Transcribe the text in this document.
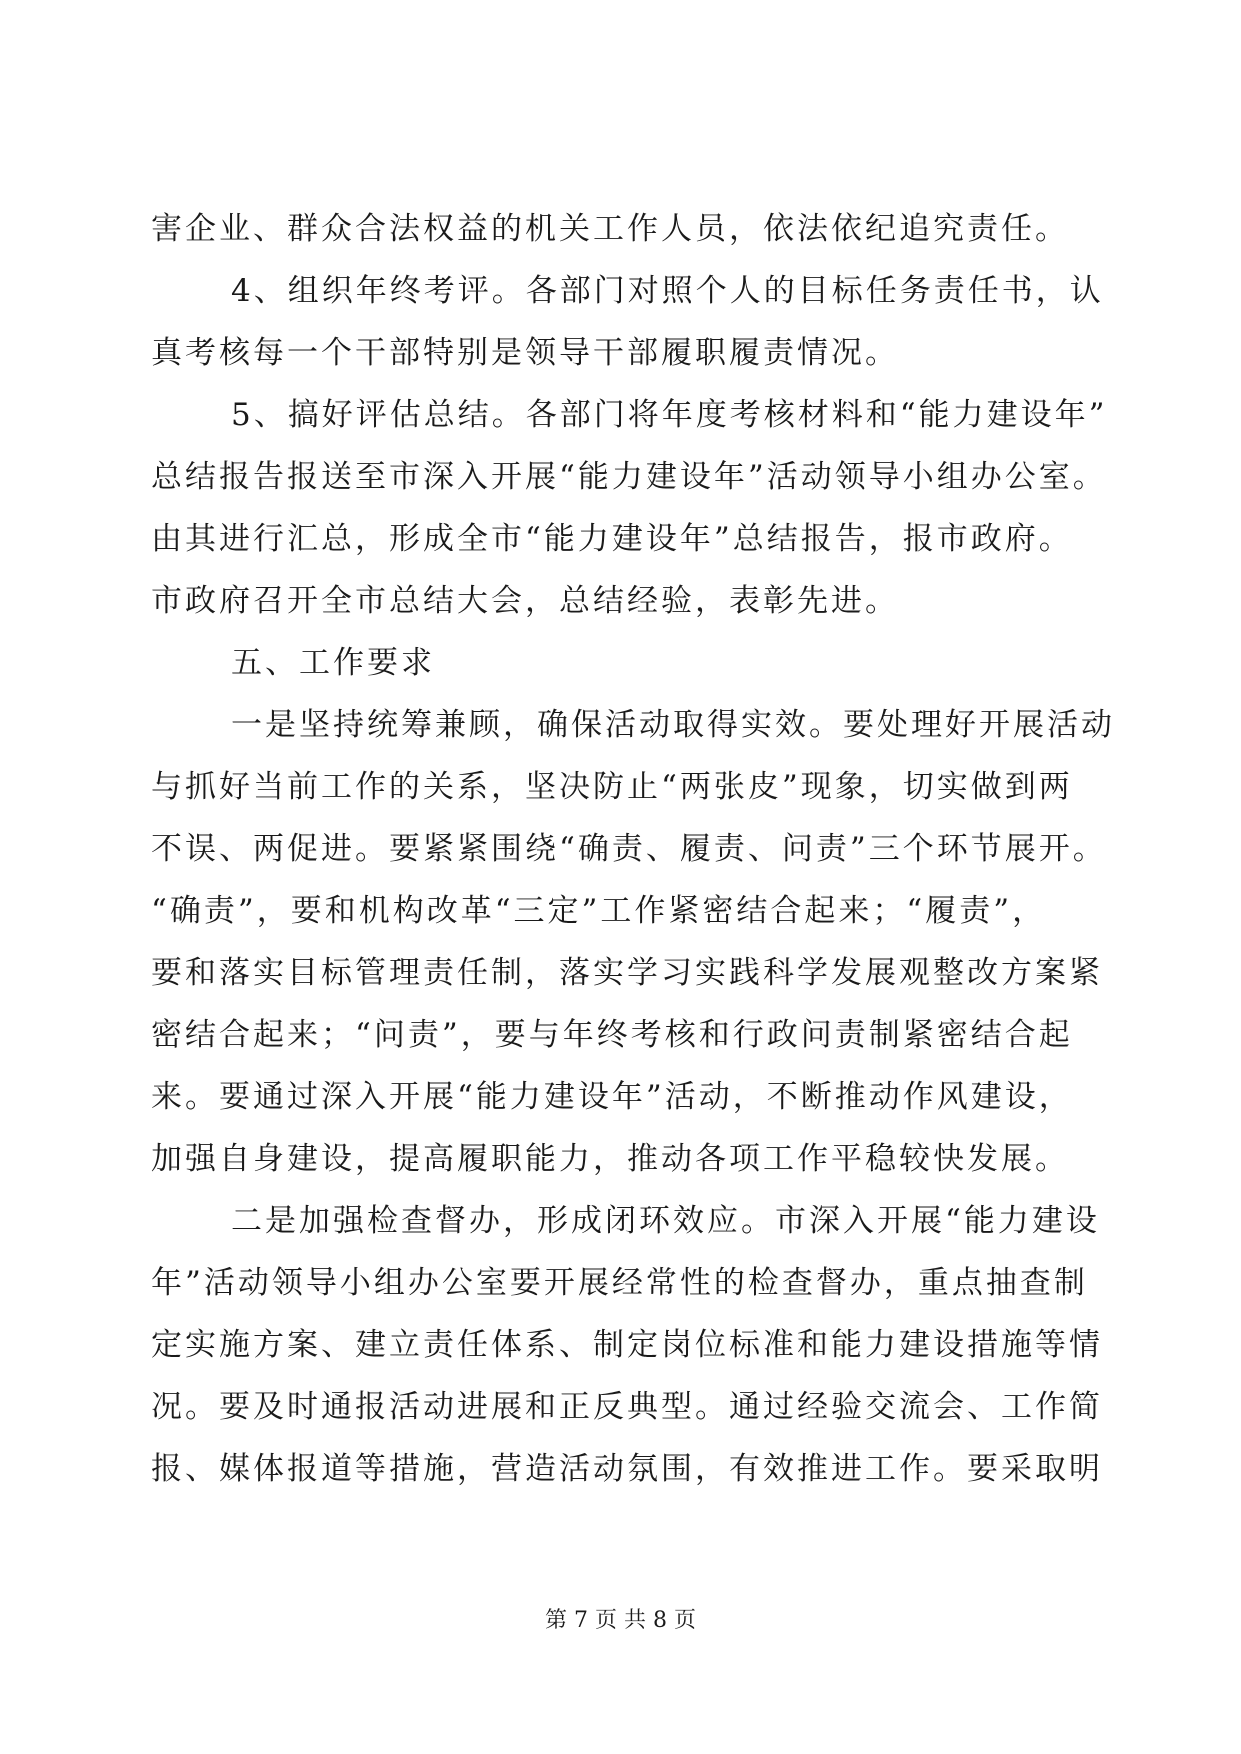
害企业、群众合法权益的机关工作人员，依法依纪追究责任。
4、组织年终考评。各部门对照个人的目标任务责任书，认
真考核每一个干部特别是领导干部履职履责情况。
5、搞好评估总结。各部门将年度考核材料和“能力建设年”
总结报告报送至市深入开展“能力建设年”活动领导小组办公室。
由其进行汇总，形成全市“能力建设年”总结报告，报市政府。
市政府召开全市总结大会，总结经验，表彰先进。
五、工作要求
一是坚持统筹兼顾，确保活动取得实效。要处理好开展活动
与抓好当前工作的关系，坚决防止“两张皮”现象，切实做到两
不误、两促进。要紧紧围绕“确责、履责、问责”三个环节展开。
“确责”，要和机构改革“三定”工作紧密结合起来；“履责”，
要和落实目标管理责任制，落实学习实践科学发展观整改方案紧
密结合起来；“问责”，要与年终考核和行政问责制紧密结合起
来。要通过深入开展“能力建设年”活动，不断推动作风建设，
加强自身建设，提高履职能力，推动各项工作平稳较快发展。
二是加强检查督办，形成闭环效应。市深入开展“能力建设
年”活动领导小组办公室要开展经常性的检查督办，重点抽查制
定实施方案、建立责任体系、制定岗位标准和能力建设措施等情
况。要及时通报活动进展和正反典型。通过经验交流会、工作简
报、媒体报道等措施，营造活动氛围，有效推进工作。要采取明
第 7 页 共 8 页
